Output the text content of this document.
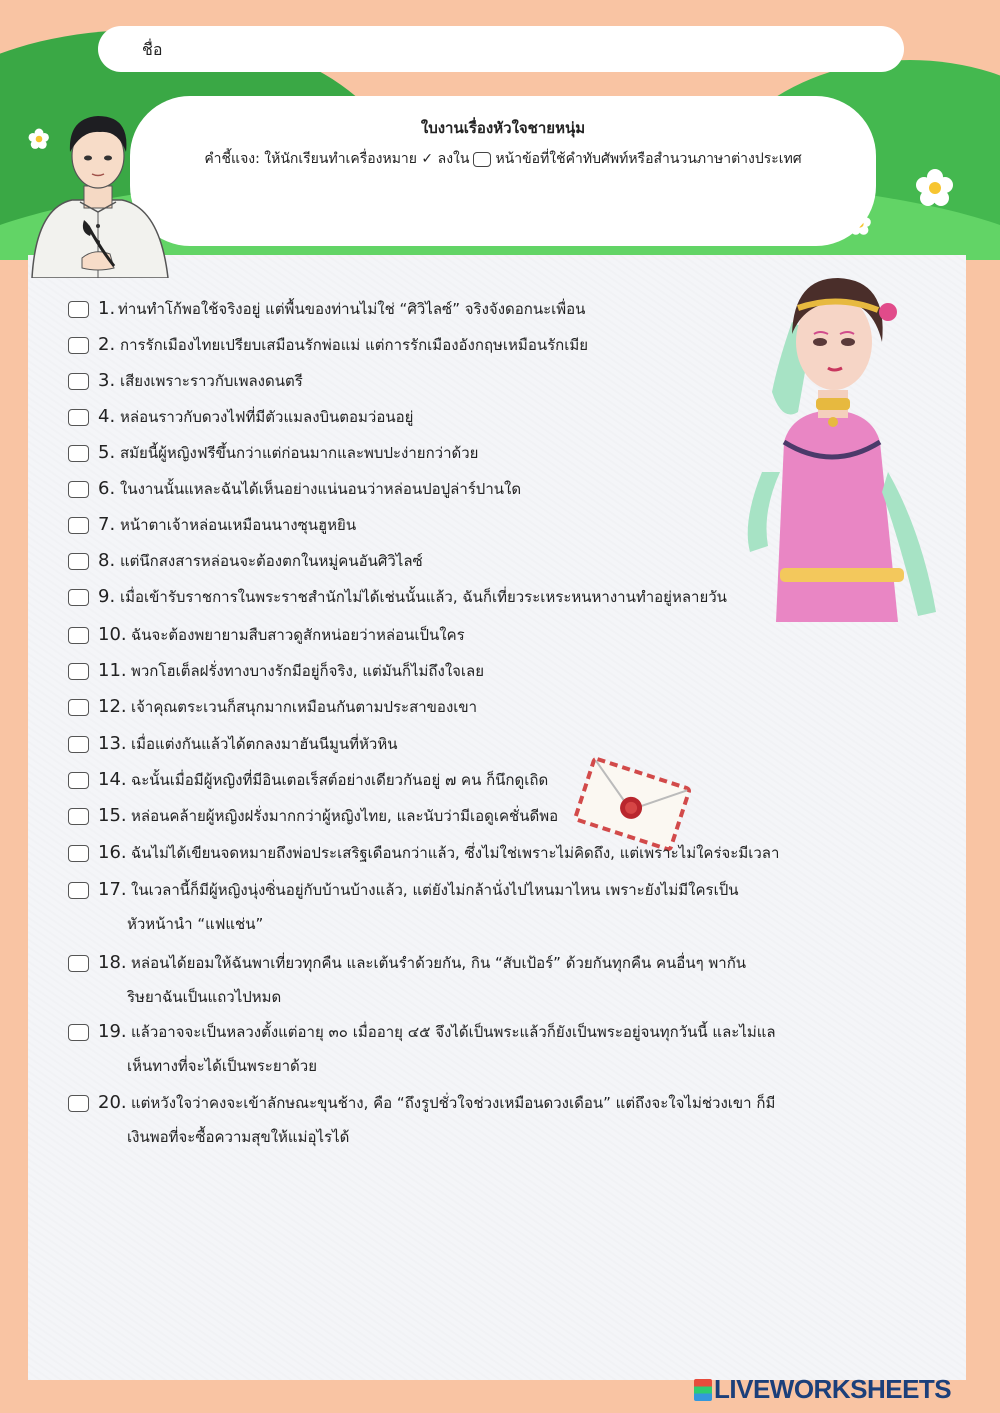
ชื่อ
ใบงานเรื่องหัวใจชายหนุ่ม
คำชี้แจง: ให้นักเรียนทำเครื่องหมาย ✓ ลงใน หน้าข้อที่ใช้คำทับศัพท์หรือสำนวนภาษาต่างประเทศ
1. ท่านทำโก้พอใช้จริงอยู่ แต่พื้นของท่านไม่ใช่ “ศิวิไลซ์” จริงจังดอกนะเพื่อน
2. การรักเมืองไทยเปรียบเสมือนรักพ่อแม่ แต่การรักเมืองอังกฤษเหมือนรักเมีย
3. เสียงเพราะราวกับเพลงดนตรี
4. หล่อนราวกับดวงไฟที่มีตัวแมลงบินตอมว่อนอยู่
5. สมัยนี้ผู้หญิงฟรีขึ้นกว่าแต่ก่อนมากและพบปะง่ายกว่าด้วย
6. ในงานนั้นแหละฉันได้เห็นอย่างแน่นอนว่าหล่อนปอปูล่าร์ปานใด
7. หน้าตาเจ้าหล่อนเหมือนนางซุนฮูหยิน
8. แต่นึกสงสารหล่อนจะต้องตกในหมู่คนอันศิวิไลซ์
9. เมื่อเข้ารับราชการในพระราชสำนักไม่ได้เช่นนั้นแล้ว, ฉันก็เที่ยวระเหระหนหางานทำอยู่หลายวัน
10. ฉันจะต้องพยายามสืบสาวดูสักหน่อยว่าหล่อนเป็นใคร
11. พวกโฮเต็ลฝรั่งทางบางรักมีอยู่ก็จริง, แต่มันก็ไม่ถึงใจเลย
12. เจ้าคุณตระเวนก็สนุกมากเหมือนกันตามประสาของเขา
13. เมื่อแต่งกันแล้วได้ตกลงมาฮันนีมูนที่หัวหิน
14. ฉะนั้นเมื่อมีผู้หญิงที่มีอินเตอเร็สต์อย่างเดียวกันอยู่ ๗ คน ก็นึกดูเถิด
15. หล่อนคล้ายผู้หญิงฝรั่งมากกว่าผู้หญิงไทย, และนับว่ามีเอดูเคชั่นดีพอ
16. ฉันไม่ได้เขียนจดหมายถึงพ่อประเสริฐเดือนกว่าแล้ว, ซึ่งไม่ใช่เพราะไม่คิดถึง, แต่เพราะไม่ใคร่จะมีเวลา
17. ในเวลานี้ก็มีผู้หญิงนุ่งซิ่นอยู่กับบ้านบ้างแล้ว, แต่ยังไม่กล้านั่งไปไหนมาไหน เพราะยังไม่มีใครเป็น
หัวหน้านำ “แฟแช่น”
18. หล่อนได้ยอมให้ฉันพาเที่ยวทุกคืน และเต้นรำด้วยกัน, กิน “สับเป้อร์” ด้วยกันทุกคืน คนอื่นๆ พากัน
ริษยาฉันเป็นแถวไปหมด
19. แล้วอาจจะเป็นหลวงตั้งแต่อายุ ๓๐ เมื่ออายุ ๔๕ จึงได้เป็นพระแล้วก็ยังเป็นพระอยู่จนทุกวันนี้ และไม่แล
เห็นทางที่จะได้เป็นพระยาด้วย
20. แต่หวังใจว่าคงจะเข้าลักษณะขุนช้าง, คือ “ถึงรูปชั่วใจช่วงเหมือนดวงเดือน” แต่ถึงจะใจไม่ช่วงเขา ก็มี
เงินพอที่จะซื้อความสุขให้แม่อุไรได้
LIVEWORKSHEETS
